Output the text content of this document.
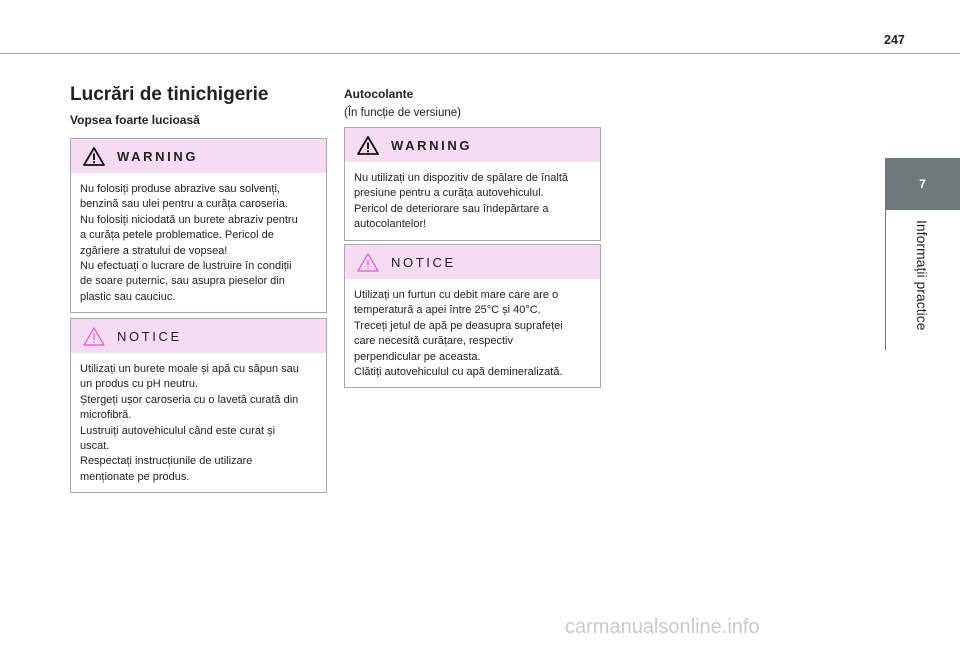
247
7
Informații practice
Lucrări de tinichigerie
Vopsea foarte lucioasă
WARNING

Nu folosiți produse abrazive sau solvenți,

benzină sau ulei pentru a curăța caroseria.

Nu folosiți niciodată un burete abraziv pentru

a curăța petele problematice. Pericol de

zgâriere a stratului de vopsea!

Nu efectuați o lucrare de lustruire în condiții

de soare puternic, sau asupra pieselor din

plastic sau cauciuc.

NOTICE

Utilizați un burete moale și apă cu săpun sau

un produs cu pH neutru.

Ștergeți ușor caroseria cu o lavetă curată din

microfibră.

Lustruiți autovehiculul când este curat și

uscat.

Respectați instrucțiunile de utilizare

menționate pe produs.

Autocolante

(În funcție de versiune)

WARNING

Nu utilizați un dispozitiv de spălare de înaltă

presiune pentru a curăța autovehiculul.

Pericol de deteriorare sau îndepărtare a

autocolantelor!

NOTICE

Utilizați un furtun cu debit mare care are o

temperatură a apei între 25°C și 40°C.

Treceți jetul de apă pe deasupra suprafeței

care necesită curățare, respectiv

perpendicular pe aceasta.

Clătiți autovehiculul cu apă demineralizată.

carmanualsonline.info
